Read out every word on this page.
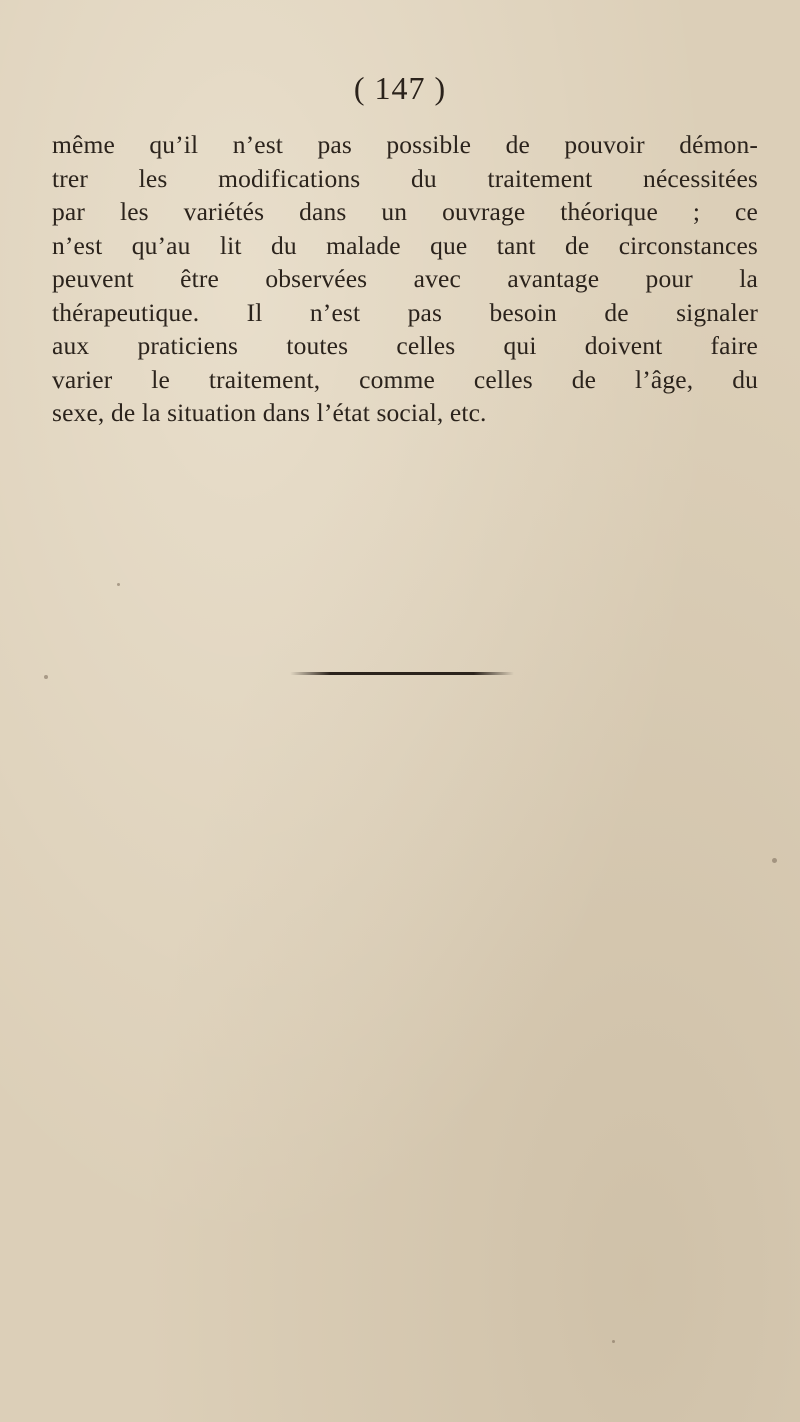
( 147 )
même qu’il n’est pas possible de pouvoir démon-
trer les modifications du traitement nécessitées
par les variétés dans un ouvrage théorique ; ce
n’est qu’au lit du malade que tant de circonstances
peuvent être observées avec avantage pour la
thérapeutique. Il n’est pas besoin de signaler
aux praticiens toutes celles qui doivent faire
varier le traitement, comme celles de l’âge, du
sexe, de la situation dans l’état social, etc.
